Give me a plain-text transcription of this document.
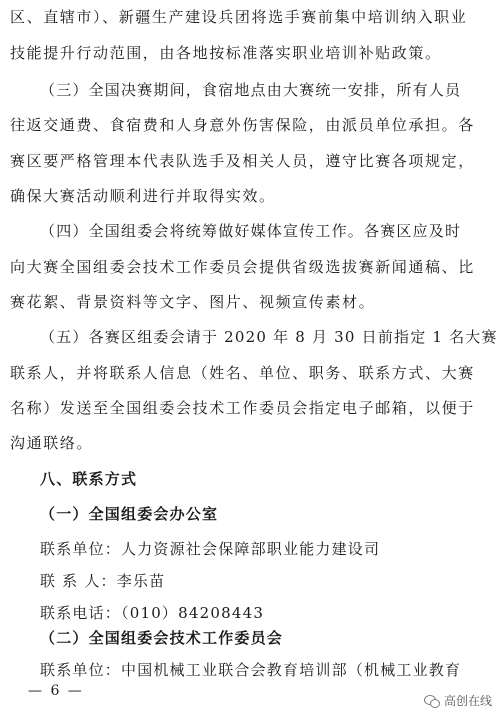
区、直辖市）、新疆生产建设兵团将选手赛前集中培训纳入职业
技能提升行动范围，由各地按标准落实职业培训补贴政策。
（三）全国决赛期间，食宿地点由大赛统一安排，所有人员
往返交通费、食宿费和人身意外伤害保险，由派员单位承担。各
赛区要严格管理本代表队选手及相关人员，遵守比赛各项规定，
确保大赛活动顺利进行并取得实效。
（四）全国组委会将统筹做好媒体宣传工作。各赛区应及时
向大赛全国组委会技术工作委员会提供省级选拔赛新闻通稿、比
赛花絮、背景资料等文字、图片、视频宣传素材。
（五）各赛区组委会请于 2020 年 8 月 30 日前指定 1 名大赛
联系人，并将联系人信息（姓名、单位、职务、联系方式、大赛
名称）发送至全国组委会技术工作委员会指定电子邮箱，以便于
沟通联络。
八、联系方式
（一）全国组委会办公室
联系单位：人力资源社会保障部职业能力建设司
联 系 人：李乐苗
联系电话：（010）84208443
（二）全国组委会技术工作委员会
联系单位：中国机械工业联合会教育培训部（机械工业教育
— 6 —
高创在线
